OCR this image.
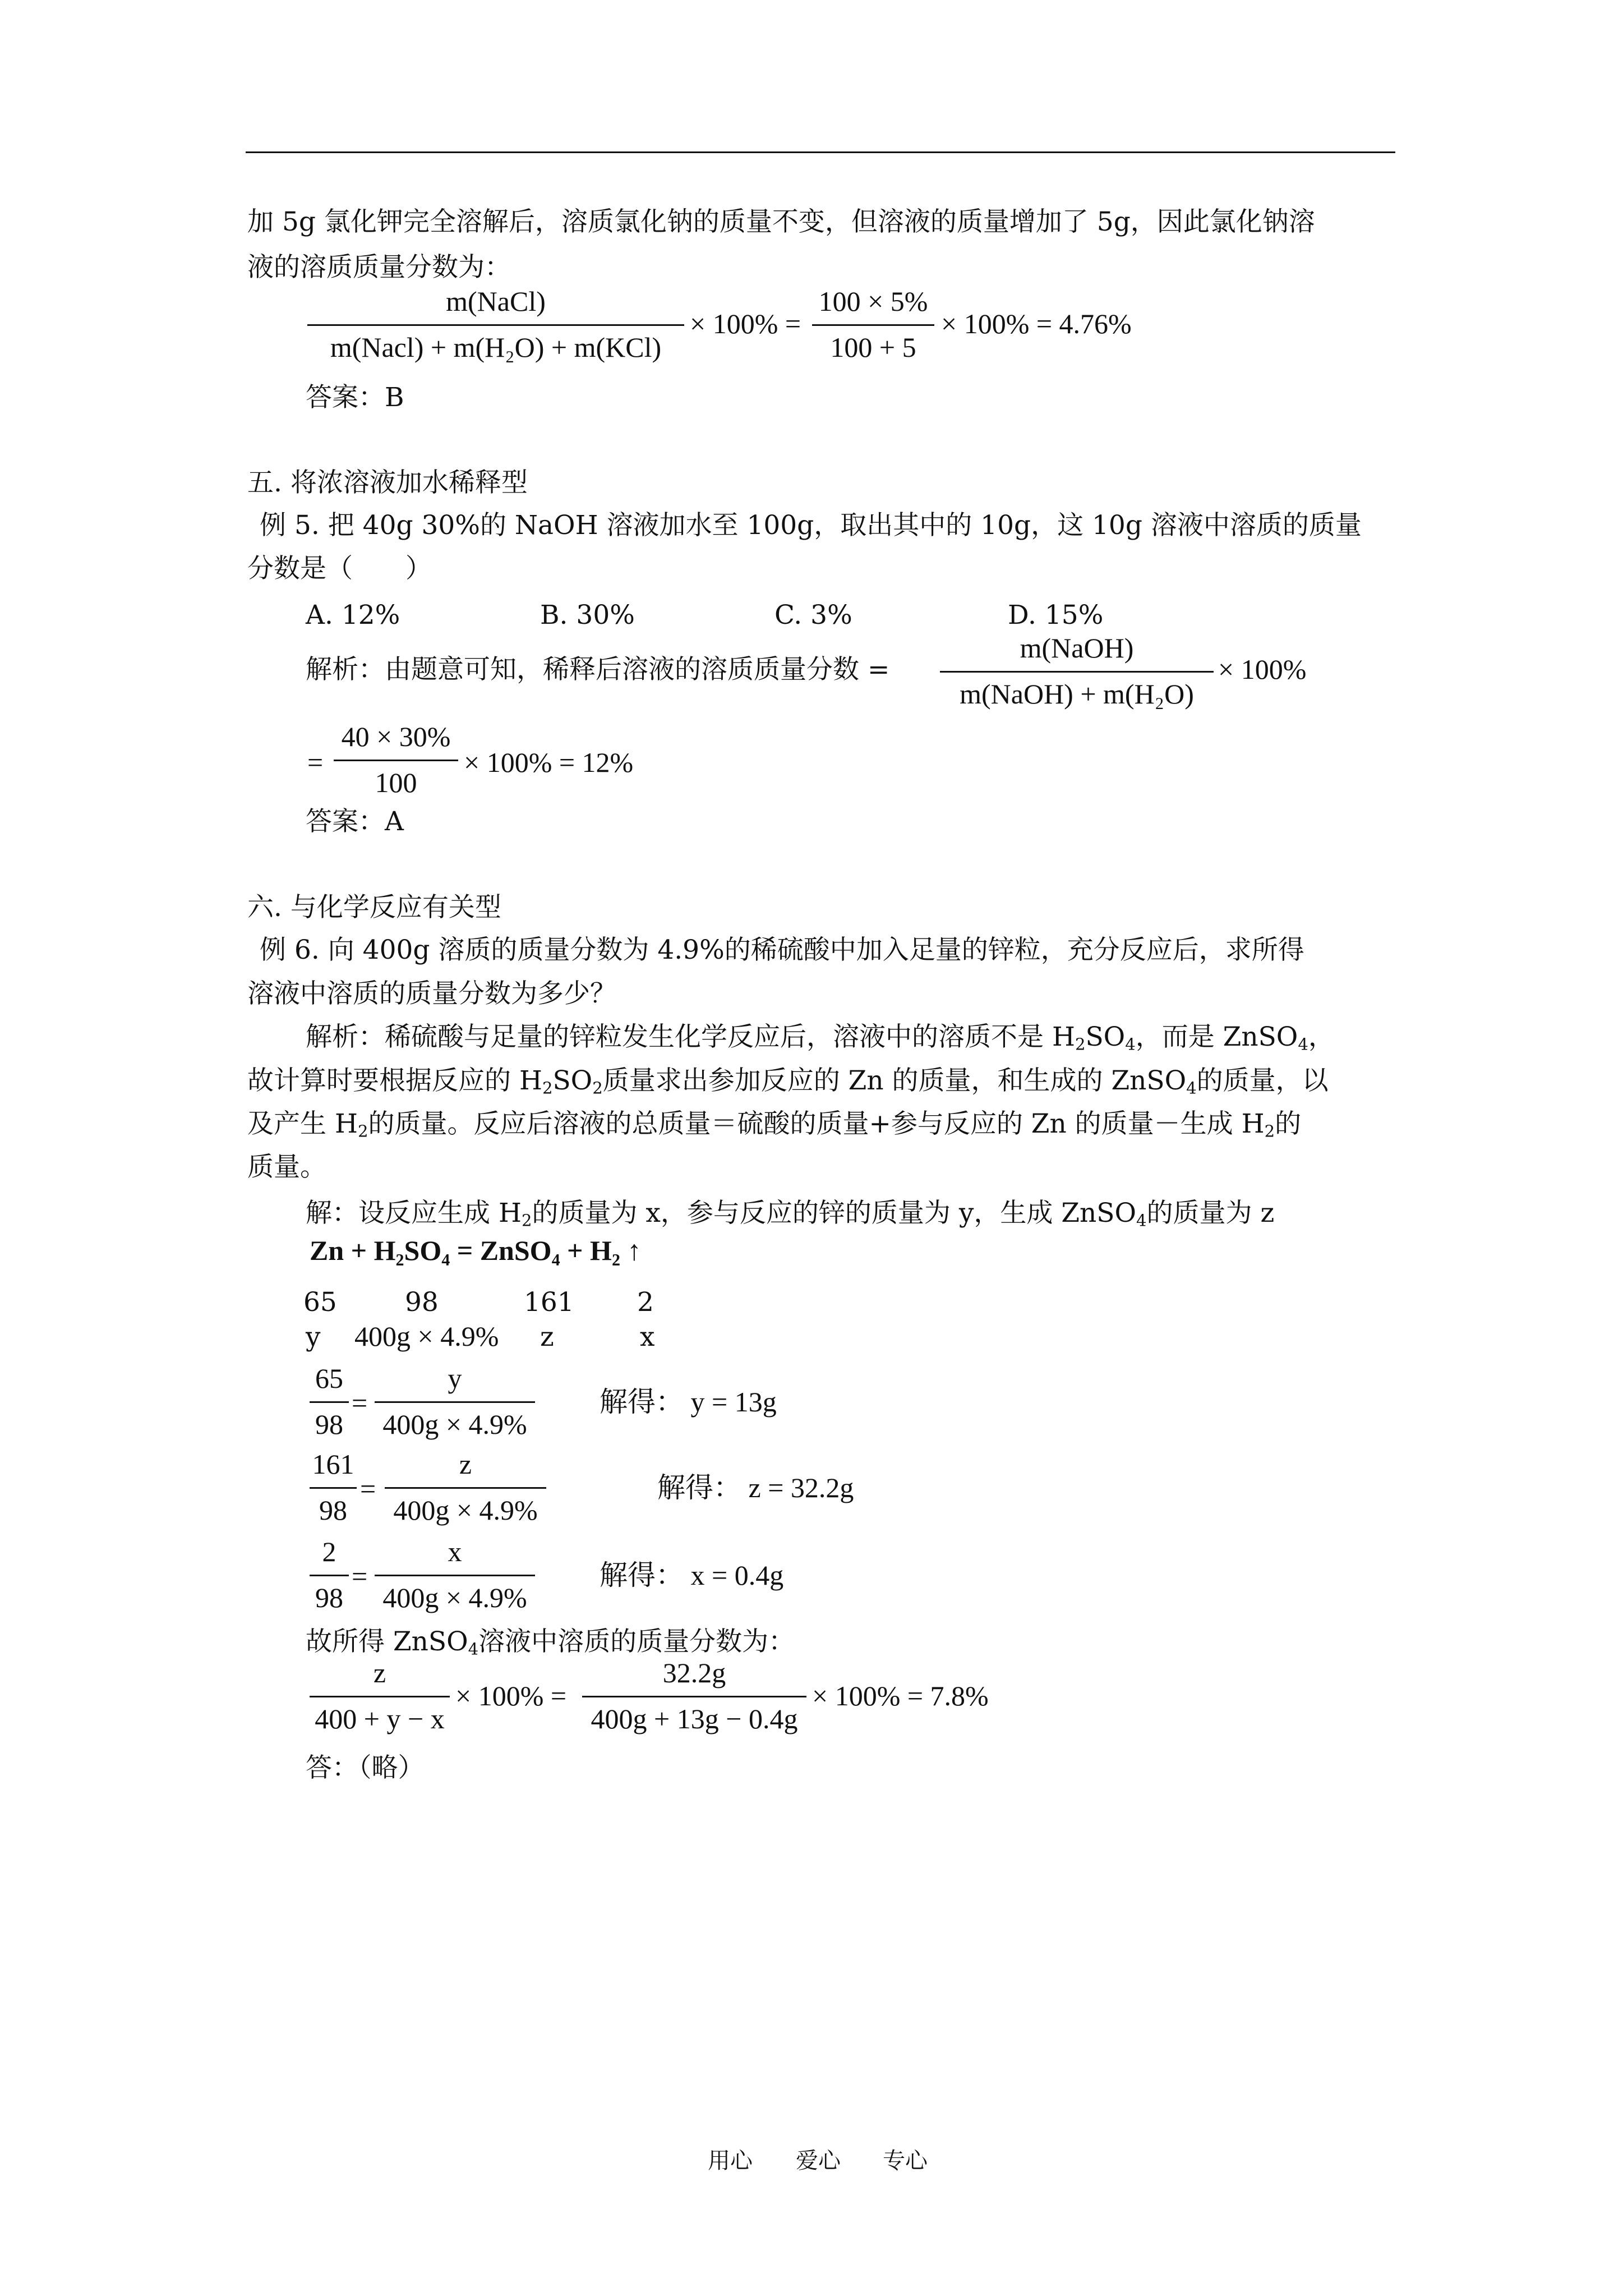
加 5g 氯化钾完全溶解后，溶质氯化钠的质量不变，但溶液的质量增加了 5g，因此氯化钠溶
液的溶质质量分数为：
m(NaCl)
m(Nacl) + m(H₂O) + m(KCl)
× 100% =
100 × 5%
100 + 5
× 100% = 4.76%
答案：B
五. 将浓溶液加水稀释型
例 5. 把 40g 30%的 NaOH 溶液加水至 100g，取出其中的 10g，这 10g 溶液中溶质的质量
分数是（　　）
A. 12%	B. 30%	C. 3%	D. 15%
解析：由题意可知，稀释后溶液的溶质质量分数 =
m(NaOH)
m(NaOH) + m(H₂O)
× 100%
=
40 × 30%
100
× 100% = 12%
答案：A
六. 与化学反应有关型
例 6. 向 400g 溶质的质量分数为 4.9%的稀硫酸中加入足量的锌粒，充分反应后，求所得
溶液中溶质的质量分数为多少？
解析：稀硫酸与足量的锌粒发生化学反应后，溶液中的溶质不是 $H_2SO_4$，而是 ZnSO$_4$，
故计算时要根据反应的 $H_2SO_2$质量求出参加反应的 Zn 的质量，和生成的 ZnSO$_4$的质量，以
及产生 $H_2$的质量。反应后溶液的总质量＝硫酸的质量+参与反应的 Zn 的质量－生成 $H_2$的
质量。
解：设反应生成 $H_2$的质量为 x，参与反应的锌的质量为 y，生成 ZnSO$_4$的质量为 z
Zn + H₂SO₄ = ZnSO₄ + H₂ ↑
65	98	161 2
y 400g × 4.9% z	x
65
98
=
y
400g × 4.9%
解得： y = 13g
161
98
=
z
400g × 4.9%
解得： z = 32.2g
2
98
=
x
400g × 4.9%
解得： x = 0.4g
故所得 ZnSO$_4$溶液中溶质的质量分数为：
z
400 + y − x
× 100% =
32.2g
400g + 13g − 0.4g
× 100% = 7.8%
答：（略）
用心 爱心 专心
